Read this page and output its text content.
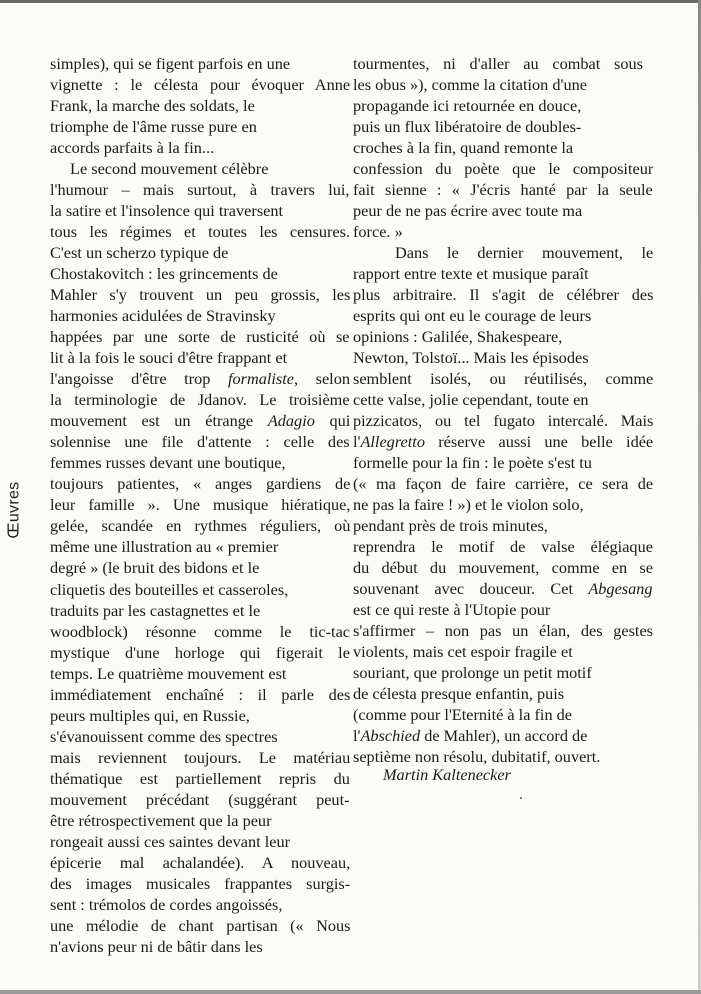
Œuvres
simples), qui se figent parfois en une
vignette : le célesta pour évoquer Anne
Frank, la marche des soldats, le
triomphe de l'âme russe pure en
accords parfaits à la fin...
Le second mouvement célèbre
l'humour – mais surtout, à travers lui,
la satire et l'insolence qui traversent
tous les régimes et toutes les censures.
C'est un scherzo typique de
Chostakovitch : les grincements de
Mahler s'y trouvent un peu grossis, les
harmonies acidulées de Stravinsky
happées par une sorte de rusticité où se
lit à la fois le souci d'être frappant et
l'angoisse d'être trop formaliste, selon
la terminologie de Jdanov. Le troisième
mouvement est un étrange Adagio qui
solennise une file d'attente : celle des
femmes russes devant une boutique,
toujours patientes, « anges gardiens de
leur famille ». Une musique hiératique,
gelée, scandée en rythmes réguliers, où
même une illustration au « premier
degré » (le bruit des bidons et le
cliquetis des bouteilles et casseroles,
traduits par les castagnettes et le
woodblock) résonne comme le tic-tac
mystique d'une horloge qui figerait le
temps. Le quatrième mouvement est
immédiatement enchaîné : il parle des
peurs multiples qui, en Russie,
s'évanouissent comme des spectres
mais reviennent toujours. Le matériau
thématique est partiellement repris du
mouvement précédant (suggérant peut-
être rétrospectivement que la peur
rongeait aussi ces saintes devant leur
épicerie mal achalandée). A nouveau,
des images musicales frappantes surgis-
sent : trémolos de cordes angoissés,
une mélodie de chant partisan (« Nous
n'avions peur ni de bâtir dans les
tourmentes, ni d'aller au combat sous
les obus »), comme la citation d'une
propagande ici retournée en douce,
puis un flux libératoire de doubles-
croches à la fin, quand remonte la
confession du poète que le compositeur
fait sienne : « J'écris hanté par la seule
peur de ne pas écrire avec toute ma
force. »
Dans le dernier mouvement, le
rapport entre texte et musique paraît
plus arbitraire. Il s'agit de célébrer des
esprits qui ont eu le courage de leurs
opinions : Galilée, Shakespeare,
Newton, Tolstoï... Mais les épisodes
semblent isolés, ou réutilisés, comme
cette valse, jolie cependant, toute en
pizzicatos, ou tel fugato intercalé. Mais
l'Allegretto réserve aussi une belle idée
formelle pour la fin : le poète s'est tu
(« ma façon de faire carrière, ce sera de
ne pas la faire ! ») et le violon solo,
pendant près de trois minutes,
reprendra le motif de valse élégiaque
du début du mouvement, comme en se
souvenant avec douceur. Cet Abgesang
est ce qui reste à l'Utopie pour
s'affirmer – non pas un élan, des gestes
violents, mais cet espoir fragile et
souriant, que prolonge un petit motif
de célesta presque enfantin, puis
(comme pour l'Eternité à la fin de
l'Abschied de Mahler), un accord de
septième non résolu, dubitatif, ouvert.
Martin Kaltenecker
